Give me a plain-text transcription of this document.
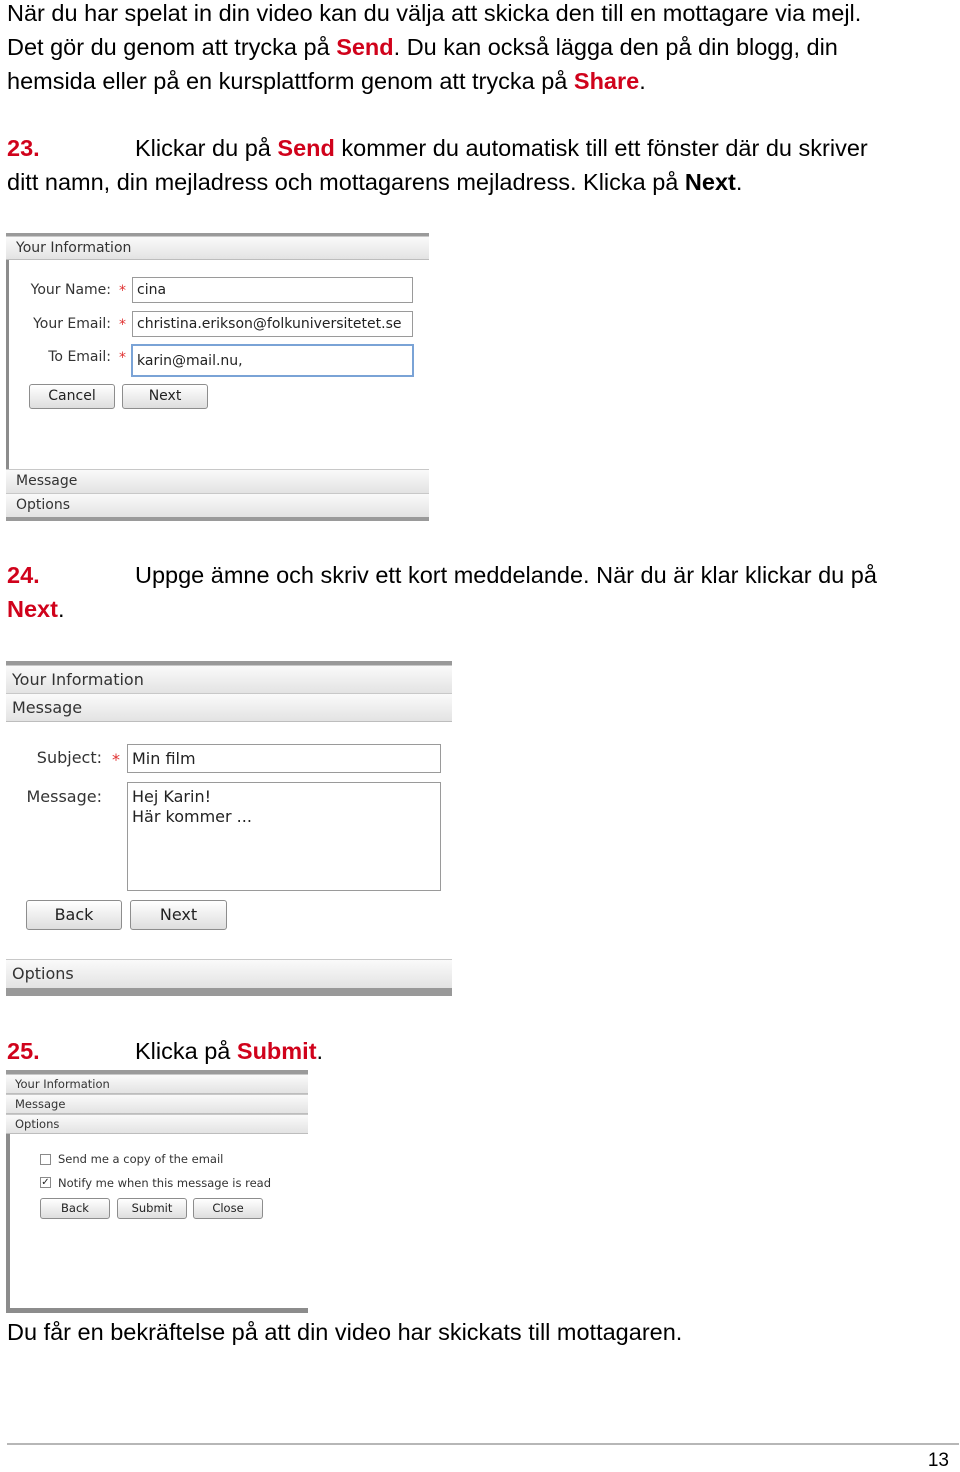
När du har spelat in din video kan du välja att skicka den till en mottagare via mejl.

Det gör du genom att trycka på Send. Du kan också lägga den på din blogg, din

hemsida eller på en kursplattform genom att trycka på Share.

23.	Klickar du på Send kommer du automatisk till ett fönster där du skriver

ditt namn, din mejladress och mottagarens mejladress. Klicka på Next.

Your Information
Your Name: * cina
Your Email: * christina.erikson@folkuniversitetet.se
To Email: * karin@mail.nu,
Cancel	Next
Message
Options
24.	Uppge ämne och skriv ett kort meddelande. När du är klar klickar du på

Next.

Your Information
Message
Subject: * Min film
Message: Hej Karin!
Här kommer ...
Back	Next
Options
25.	Klicka på Submit.

Your Information
Message
Options
Send me a copy of the email
✓ Notify me when this message is read
Back	Submit	Close

Du får en bekräftelse på att din video har skickats till mottagaren.

13
